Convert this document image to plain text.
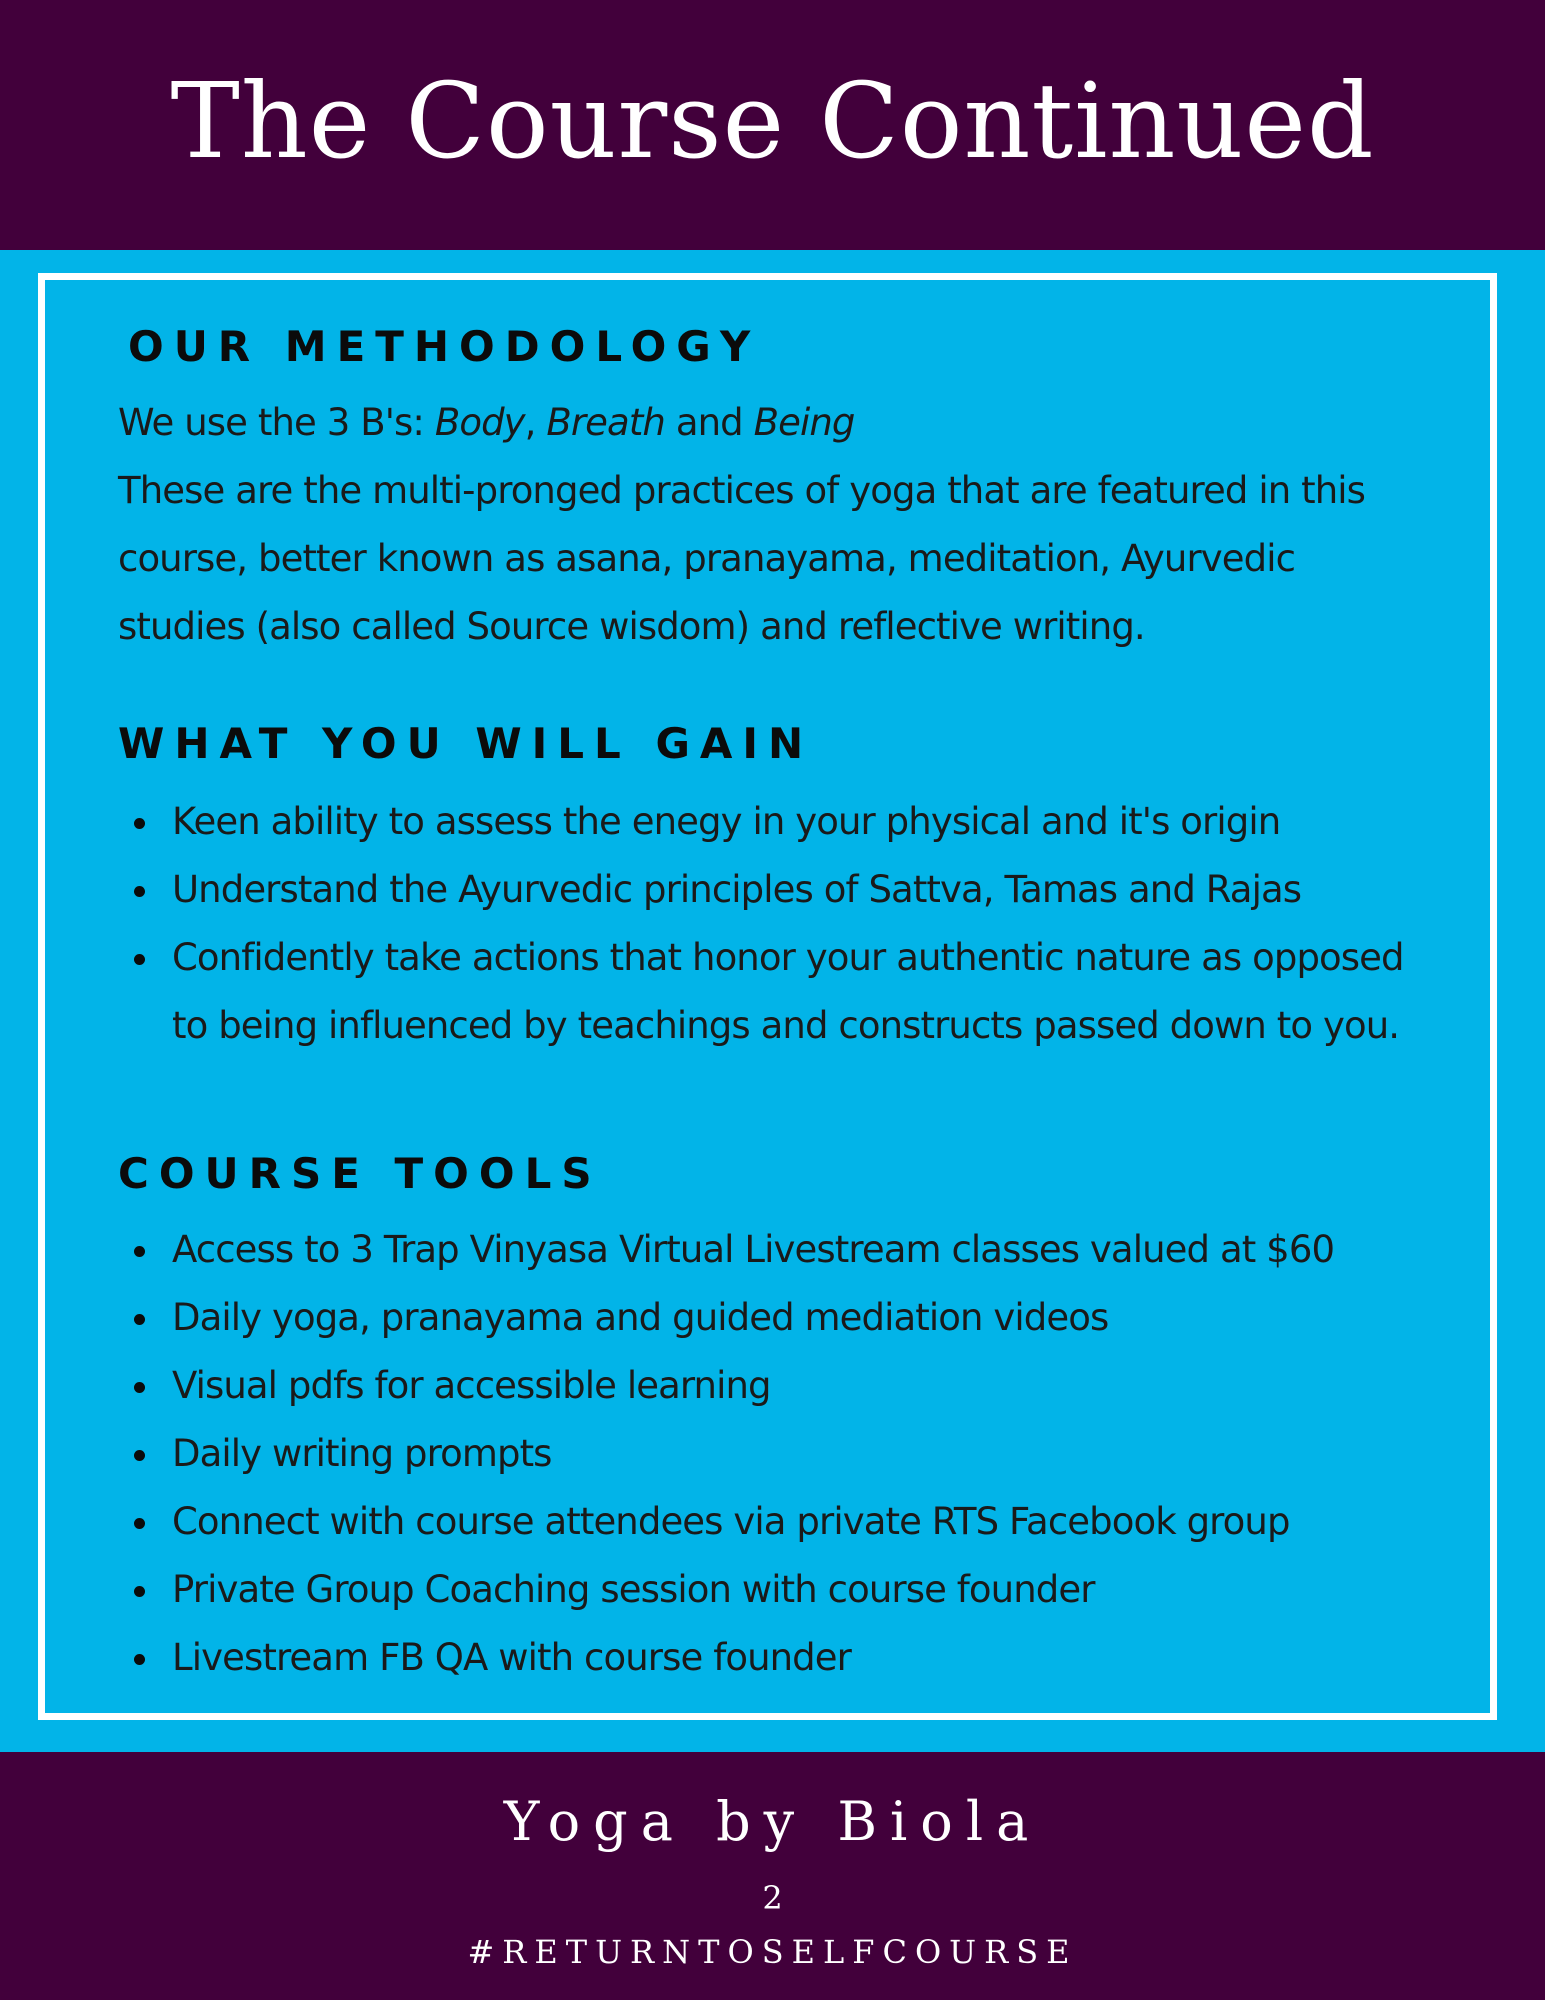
The Course Continued
OUR METHODOLOGY

We use the 3 B's: Body, Breath and Being

These are the multi-pronged practices of yoga that are featured in this

course, better known as asana, pranayama, meditation, Ayurvedic

studies (also called Source wisdom) and reflective writing.

WHAT YOU WILL GAIN
Keen ability to assess the enegy in your physical and it's origin
Understand the Ayurvedic principles of Sattva, Tamas and Rajas
Confidently take actions that honor your authentic nature as opposed

to being influenced by teachings and constructs passed down to you.

COURSE TOOLS
Access to 3 Trap Vinyasa Virtual Livestream classes valued at $60
Daily yoga, pranayama and guided mediation videos
Visual pdfs for accessible learning
Daily writing prompts
Connect with course attendees via private RTS Facebook group
Private Group Coaching session with course founder
Livestream FB QA with course founder
Yoga by Biola
2
#RETURNTOSELFCOURSE
